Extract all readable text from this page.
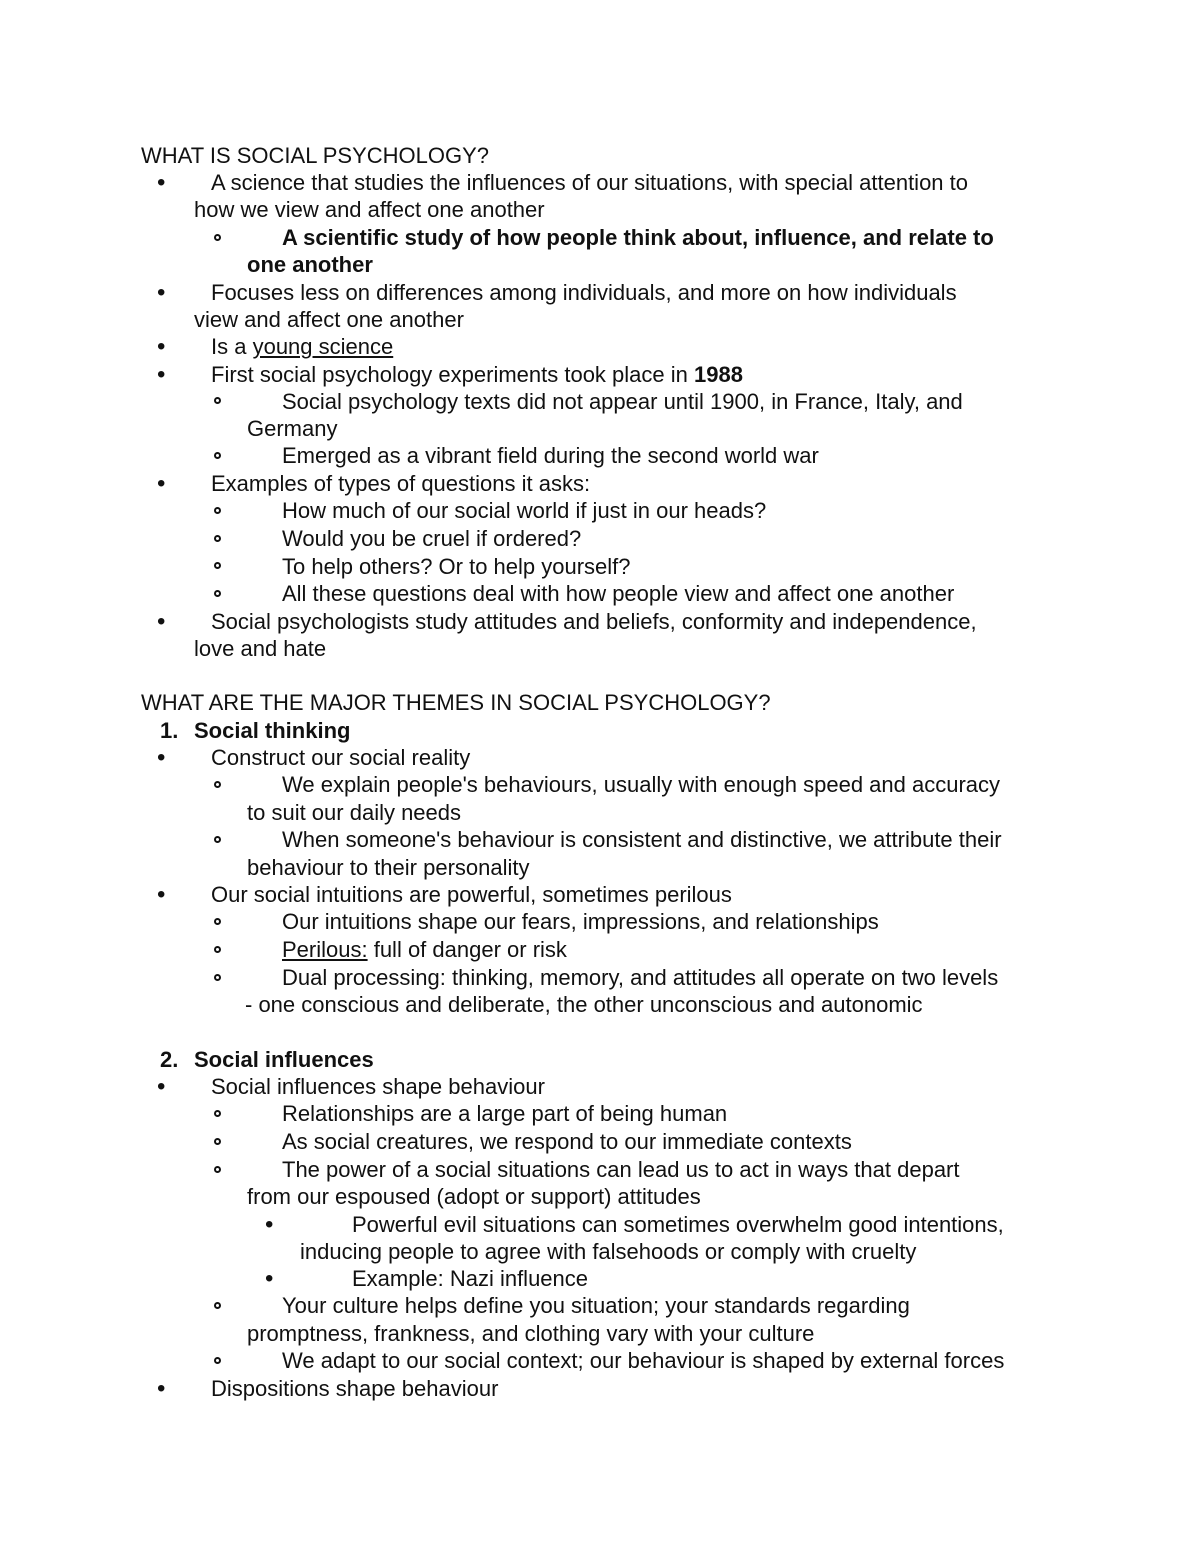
WHAT IS SOCIAL PSYCHOLOGY?
• A science that studies the influences of our situations, with special attention to
how we view and affect one another
A scientific study of how people think about, influence, and relate to
one another
• Focuses less on differences among individuals, and more on how individuals
view and affect one another
• Is a young science
• First social psychology experiments took place in 1988
Social psychology texts did not appear until 1900, in France, Italy, and
Germany
Emerged as a vibrant field during the second world war
• Examples of types of questions it asks:
How much of our social world if just in our heads?
Would you be cruel if ordered?
To help others? Or to help yourself?
All these questions deal with how people view and affect one another
• Social psychologists study attitudes and beliefs, conformity and independence,
love and hate
WHAT ARE THE MAJOR THEMES IN SOCIAL PSYCHOLOGY?
1. Social thinking
• Construct our social reality
We explain people's behaviours, usually with enough speed and accuracy
to suit our daily needs
When someone's behaviour is consistent and distinctive, we attribute their
behaviour to their personality
• Our social intuitions are powerful, sometimes perilous
Our intuitions shape our fears, impressions, and relationships
Perilous: full of danger or risk
Dual processing: thinking, memory, and attitudes all operate on two levels
- one conscious and deliberate, the other unconscious and autonomic
2. Social influences
• Social influences shape behaviour
Relationships are a large part of being human
As social creatures, we respond to our immediate contexts
The power of a social situations can lead us to act in ways that depart
from our espoused (adopt or support) attitudes
•	Powerful evil situations can sometimes overwhelm good intentions,
inducing people to agree with falsehoods or comply with cruelty
•	Example: Nazi influence
Your culture helps define you situation; your standards regarding
promptness, frankness, and clothing vary with your culture
We adapt to our social context; our behaviour is shaped by external forces
• Dispositions shape behaviour
